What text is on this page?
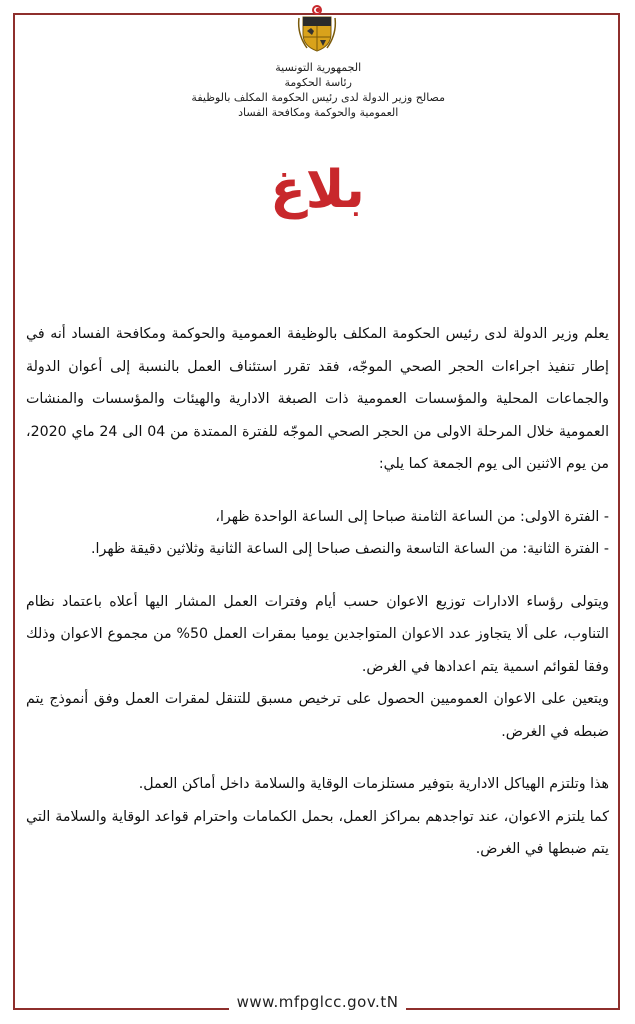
الجمهورية التونسية
رئاسة الحكومة
مصالح وزير الدولة لدى رئيس الحكومة المكلف بالوظيفة
العمومية والحوكمة ومكافحة الفساد
بلاغ

يعلم وزير الدولة لدى رئيس الحكومة المكلف بالوظيفة العمومية والحوكمة ومكافحة الفساد أنه في إطار تنفيذ اجراءات الحجر الصحي الموجّه، فقد تقرر استئناف العمل بالنسبة إلى أعوان الدولة والجماعات المحلية والمؤسسات العمومية ذات الصبغة الادارية والهيئات والمؤسسات والمنشات العمومية خلال المرحلة الاولى من الحجر الصحي الموجّه للفترة الممتدة من 04 الى 24 ماي 2020، من يوم الاثنين الى يوم الجمعة كما يلي:

- الفترة الاولى: من الساعة الثامنة صباحا إلى الساعة الواحدة ظهرا،

- الفترة الثانية: من الساعة التاسعة والنصف صباحا إلى الساعة الثانية وثلاثين دقيقة ظهرا.

ويتولى رؤساء الادارات توزيع الاعوان حسب أيام وفترات العمل المشار اليها أعلاه باعتماد نظام التناوب، على ألا يتجاوز عدد الاعوان المتواجدين يوميا بمقرات العمل 50% من مجموع الاعوان وذلك وفقا لقوائم اسمية يتم اعدادها في الغرض.

ويتعين على الاعوان العموميين الحصول على ترخيص مسبق للتنقل لمقرات العمل وفق أنموذج يتم ضبطه في الغرض.

هذا وتلتزم الهياكل الادارية بتوفير مستلزمات الوقاية والسلامة داخل أماكن العمل.

كما يلتزم الاعوان، عند تواجدهم بمراكز العمل، بحمل الكمامات واحترام قواعد الوقاية والسلامة التي يتم ضبطها في الغرض.

www.mfpglcc.gov.tN
